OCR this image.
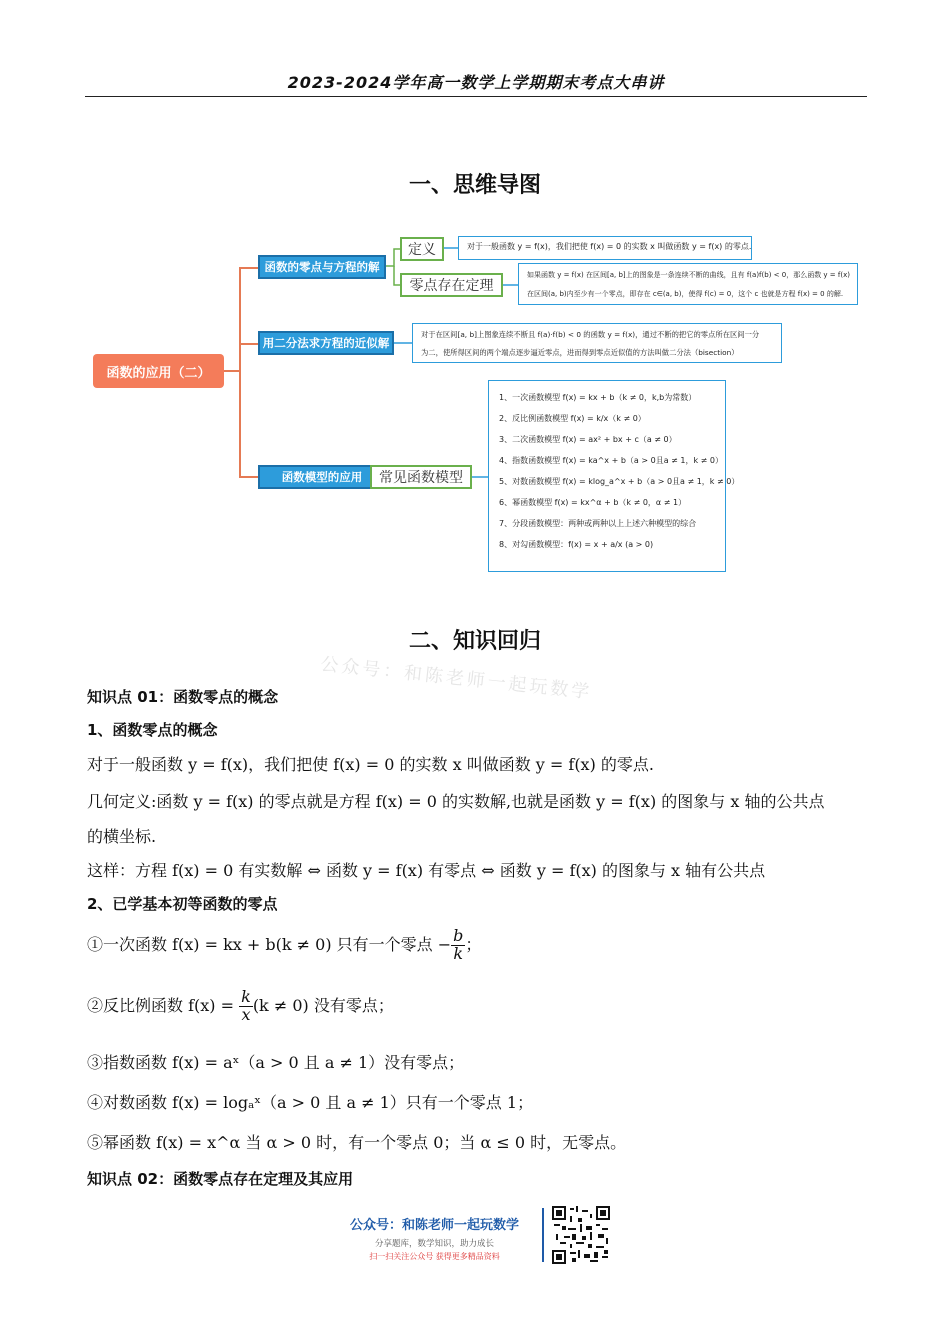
2023-2024学年高一数学上学期期末考点大串讲
一、思维导图
函数的应用（二）
函数的零点与方程的解
定义	对于一般函数 y = f(x)，我们把使 f(x) = 0 的实数 x 叫做函数 y = f(x) 的零点.
零点存在定理
如果函数 y = f(x) 在区间[a, b]上的图象是一条连续不断的曲线，且有 f(a)f(b) < 0，那么函数 y = f(x)
在区间(a, b)内至少有一个零点，即存在 c∈(a, b)，使得 f(c) = 0，这个 c 也就是方程 f(x) = 0 的解.
用二分法求方程的近似解
对于在区间[a, b]上图象连续不断且 f(a)·f(b) < 0 的函数 y = f(x)，通过不断的把它的零点所在区间一分
为二，使所得区间的两个端点逐步逼近零点，进而得到零点近似值的方法叫做二分法（bisection）
函数模型的应用	常见函数模型
1、一次函数模型 f(x) = kx + b（k ≠ 0，k,b为常数）
2、反比例函数模型 f(x) = k/x（k ≠ 0）
3、二次函数模型 f(x) = ax² + bx + c（a ≠ 0）
4、指数函数模型 f(x) = ka^x + b（a > 0且a ≠ 1，k ≠ 0）
5、对数函数模型 f(x) = klog_a^x + b（a > 0且a ≠ 1，k ≠ 0）
6、幂函数模型 f(x) = kx^α + b（k ≠ 0，α ≠ 1）
7、分段函数模型：两种或两种以上上述六种模型的综合
8、对勾函数模型：f(x) = x + a/x (a > 0)
二、知识回归
公众号：和陈老师一起玩数学
知识点 01：函数零点的概念
1、函数零点的概念
对于一般函数 y = f(x)，我们把使 f(x) = 0 的实数 x 叫做函数 y = f(x) 的零点.
几何定义:函数 y = f(x) 的零点就是方程 f(x) = 0 的实数解,也就是函数 y = f(x) 的图象与 x 轴的公共点
的横坐标.
这样：方程 f(x) = 0 有实数解 ⇔ 函数 y = f(x) 有零点 ⇔ 函数 y = f(x) 的图象与 x 轴有公共点
2、已学基本初等函数的零点
①一次函数 f(x) = kx + b(k ≠ 0) 只有一个零点 − $\frac{b}{k}$ ；
②反比例函数 $f(x) = \frac{k}{x} (k \ne 0)$ 没有零点；
③指数函数 f(x) = aˣ（a > 0 且 a ≠ 1）没有零点；
④对数函数 f(x) = logₐˣ（a > 0 且 a ≠ 1）只有一个零点 1；
⑤幂函数 f(x) = x^α 当 α > 0 时，有一个零点 0；当 α ≤ 0 时，无零点。
知识点 02：函数零点存在定理及其应用
公众号：和陈老师一起玩数学
分享题库，数学知识，助力成长
扫一扫关注公众号 获得更多精品资料
